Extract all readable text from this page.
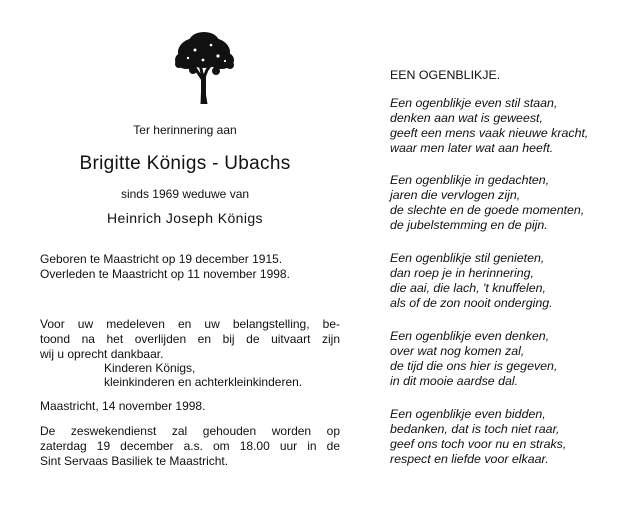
Ter herinnering aan
Brigitte Königs - Ubachs
sinds 1969 weduwe van
Heinrich Joseph Königs
Geboren te Maastricht op 19 december 1915.
Overleden te Maastricht op 11 november 1998.
Voor uw medeleven en uw belangstelling, be-
toond na het overlijden en bij de uitvaart zijn
wij u oprecht dankbaar.
Kinderen Königs,
kleinkinderen en achterkleinkinderen.
Maastricht, 14 november 1998.
De zeswekendienst zal gehouden worden op
zaterdag 19 december a.s. om 18.00 uur in de
Sint Servaas Basiliek te Maastricht.
EEN OGENBLIKJE.
Een ogenblikje even stil staan,
denken aan wat is geweest,
geeft een mens vaak nieuwe kracht,
waar men later wat aan heeft.
Een ogenblikje in gedachten,
jaren die vervlogen zijn,
de slechte en de goede momenten,
de jubelstemming en de pijn.
Een ogenblikje stil genieten,
dan roep je in herinnering,
die aai, die lach, 't knuffelen,
als of de zon nooit onderging.
Een ogenblikje even denken,
over wat nog komen zal,
de tijd die ons hier is gegeven,
in dit mooie aardse dal.
Een ogenblikje even bidden,
bedanken, dat is toch niet raar,
geef ons toch voor nu en straks,
respect en liefde voor elkaar.
